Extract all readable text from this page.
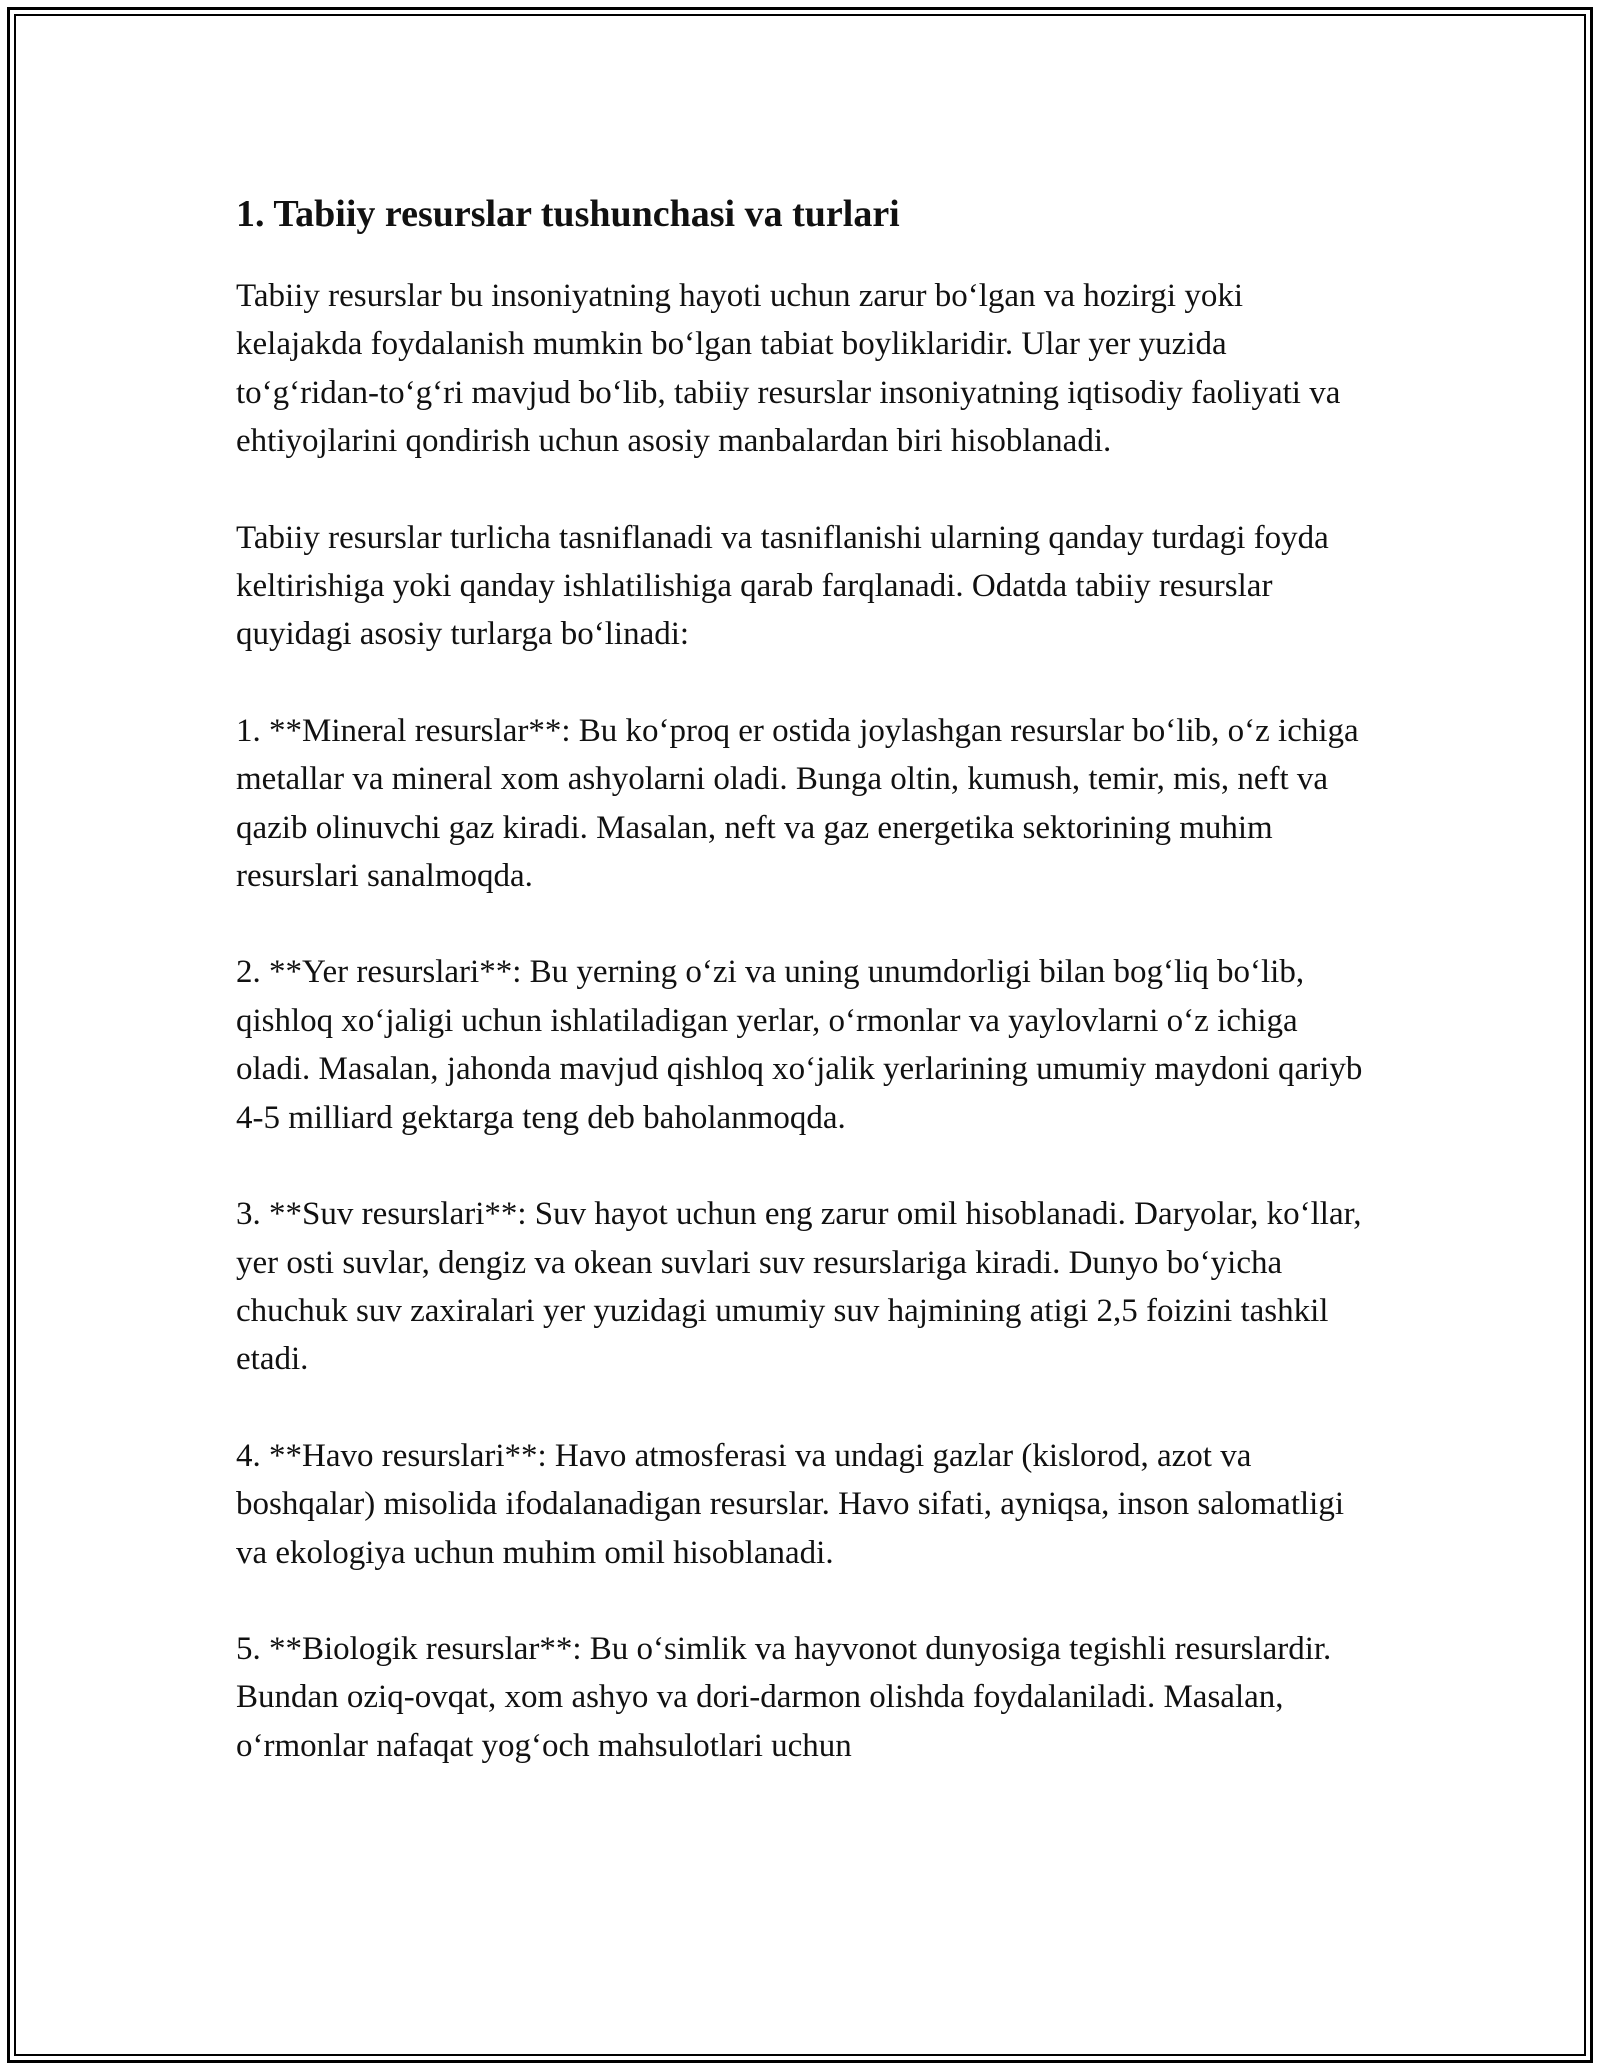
1. Tabiiy resurslar tushunchasi va turlari

Tabiiy resurslar bu insoniyatning hayoti uchun zarur bo‘lgan va hozirgi yoki kelajakda foydalanish mumkin bo‘lgan tabiat boyliklaridir. Ular yer yuzida to‘g‘ridan-to‘g‘ri mavjud bo‘lib, tabiiy resurslar insoniyatning iqtisodiy faoliyati va ehtiyojlarini qondirish uchun asosiy manbalardan biri hisoblanadi.

Tabiiy resurslar turlicha tasniflanadi va tasniflanishi ularning qanday turdagi foyda keltirishiga yoki qanday ishlatilishiga qarab farqlanadi. Odatda tabiiy resurslar quyidagi asosiy turlarga bo‘linadi:

1. **Mineral resurslar**: Bu ko‘proq er ostida joylashgan resurslar bo‘lib, o‘z ichiga metallar va mineral xom ashyolarni oladi. Bunga oltin, kumush, temir, mis, neft va qazib olinuvchi gaz kiradi. Masalan, neft va gaz energetika sektorining muhim resurslari sanalmoqda.

2. **Yer resurslari**: Bu yerning o‘zi va uning unumdorligi bilan bog‘liq bo‘lib, qishloq xo‘jaligi uchun ishlatiladigan yerlar, o‘rmonlar va yaylovlarni o‘z ichiga oladi. Masalan, jahonda mavjud qishloq xo‘jalik yerlarining umumiy maydoni qariyb 4-5 milliard gektarga teng deb baholanmoqda.

3. **Suv resurslari**: Suv hayot uchun eng zarur omil hisoblanadi. Daryolar, ko‘llar, yer osti suvlar, dengiz va okean suvlari suv resurslariga kiradi. Dunyo bo‘yicha chuchuk suv zaxiralari yer yuzidagi umumiy suv hajmining atigi 2,5 foizini tashkil etadi.

4. **Havo resurslari**: Havo atmosferasi va undagi gazlar (kislorod, azot va boshqalar) misolida ifodalanadigan resurslar. Havo sifati, ayniqsa, inson salomatligi va ekologiya uchun muhim omil hisoblanadi.

5. **Biologik resurslar**: Bu o‘simlik va hayvonot dunyosiga tegishli resurslardir. Bundan oziq-ovqat, xom ashyo va dori-darmon olishda foydalaniladi. Masalan, o‘rmonlar nafaqat yog‘och mahsulotlari uchun
